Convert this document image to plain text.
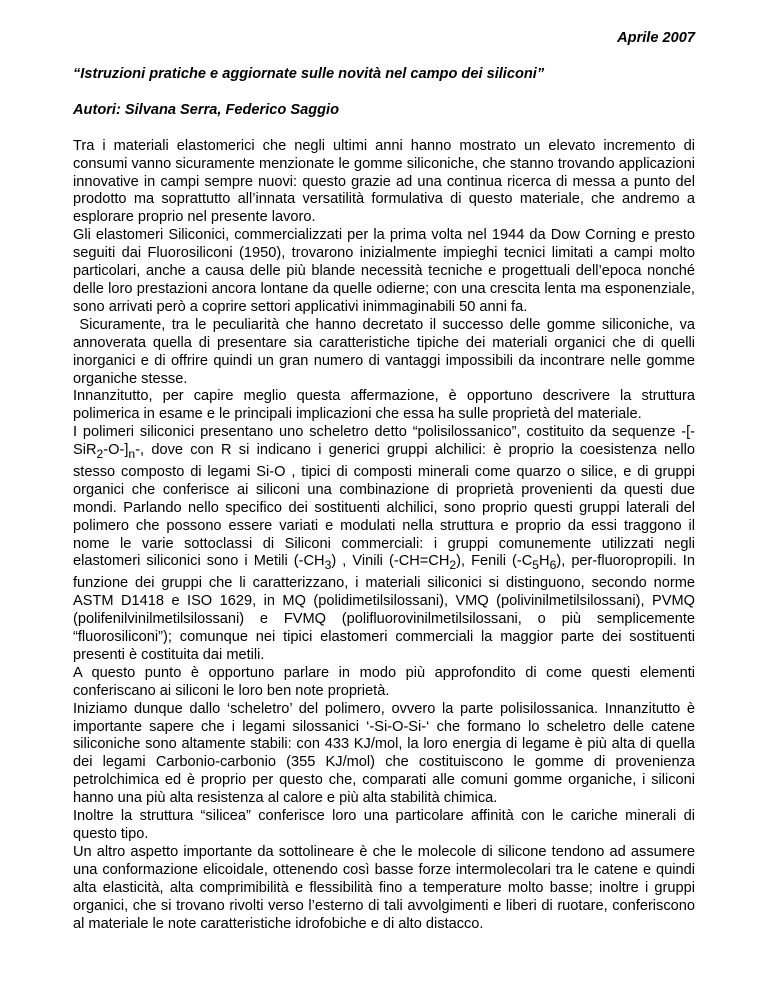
Aprile 2007
“Istruzioni pratiche e aggiornate sulle novità nel campo dei siliconi”
Autori: Silvana Serra, Federico Saggio

Tra i materiali elastomerici che negli ultimi anni hanno mostrato un elevato incremento di consumi vanno sicuramente menzionate le gomme siliconiche, che stanno trovando applicazioni innovative in campi sempre nuovi: questo grazie ad una continua ricerca di messa a punto del prodotto ma soprattutto all’innata versatilità formulativa di questo materiale, che andremo a esplorare proprio nel presente lavoro.

Gli elastomeri Siliconici, commercializzati per la prima volta nel 1944 da Dow Corning e presto seguiti dai Fluorosiliconi (1950), trovarono inizialmente impieghi tecnici limitati a campi molto particolari, anche a causa delle più blande necessità tecniche e progettuali dell’epoca nonché delle loro prestazioni ancora lontane da quelle odierne; con una crescita lenta ma esponenziale, sono arrivati però a coprire settori applicativi inimmaginabili 50 anni fa.

Sicuramente, tra le peculiarità che hanno decretato il successo delle gomme siliconiche, va annoverata quella di presentare sia caratteristiche tipiche dei materiali organici che di quelli inorganici e di offrire quindi un gran numero di vantaggi impossibili da incontrare nelle gomme organiche stesse.

Innanzitutto, per capire meglio questa affermazione, è opportuno descrivere la struttura polimerica in esame e le principali implicazioni che essa ha sulle proprietà del materiale.

I polimeri siliconici presentano uno scheletro detto “polisilossanico”, costituito da sequenze $-[-SiR_2-O-]_n-$, dove con R si indicano i generici gruppi alchilici: è proprio la coesistenza nello stesso composto di legami Si-O , tipici di composti minerali come quarzo o silice, e di gruppi organici che conferisce ai siliconi una combinazione di proprietà provenienti da questi due mondi. Parlando nello specifico dei sostituenti alchilici, sono proprio questi gruppi laterali del polimero che possono essere variati e modulati nella struttura e proprio da essi traggono il nome le varie sottoclassi di Siliconi commerciali: i gruppi comunemente utilizzati negli elastomeri siliconici sono i Metili $(-CH_3)$ , Vinili $(-CH=CH_2)$, Fenili $(-C_5H_6)$, per-fluoropropili. In funzione dei gruppi che li caratterizzano, i materiali siliconici si distinguono, secondo norme ASTM D1418 e ISO 1629, in MQ (polidimetilsilossani), VMQ (polivinilmetilsilossani), PVMQ (polifenilvinilmetilsilossani) e FVMQ (polifluorovinilmetilsilossani, o più semplicemente “fluorosiliconi”); comunque nei tipici elastomeri commerciali la maggior parte dei sostituenti presenti è costituita dai metili.

A questo punto è opportuno parlare in modo più approfondito di come questi elementi conferiscano ai siliconi le loro ben note proprietà.

Iniziamo dunque dallo ‘scheletro’ del polimero, ovvero la parte polisilossanica. Innanzitutto è importante sapere che i legami silossanici ‘-Si-O-Si-‘ che formano lo scheletro delle catene siliconiche sono altamente stabili: con 433 KJ/mol, la loro energia di legame è più alta di quella dei legami Carbonio-carbonio (355 KJ/mol) che costituiscono le gomme di provenienza petrolchimica ed è proprio per questo che, comparati alle comuni gomme organiche, i siliconi hanno una più alta resistenza al calore e più alta stabilità chimica.

Inoltre la struttura “silicea” conferisce loro una particolare affinità con le cariche minerali di questo tipo.

Un altro aspetto importante da sottolineare è che le molecole di silicone tendono ad assumere una conformazione elicoidale, ottenendo così basse forze intermolecolari tra le catene e quindi alta elasticità, alta comprimibilità e flessibilità fino a temperature molto basse; inoltre i gruppi organici, che si trovano rivolti verso l’esterno di tali avvolgimenti e liberi di ruotare, conferiscono al materiale le note caratteristiche idrofobiche e di alto distacco.
